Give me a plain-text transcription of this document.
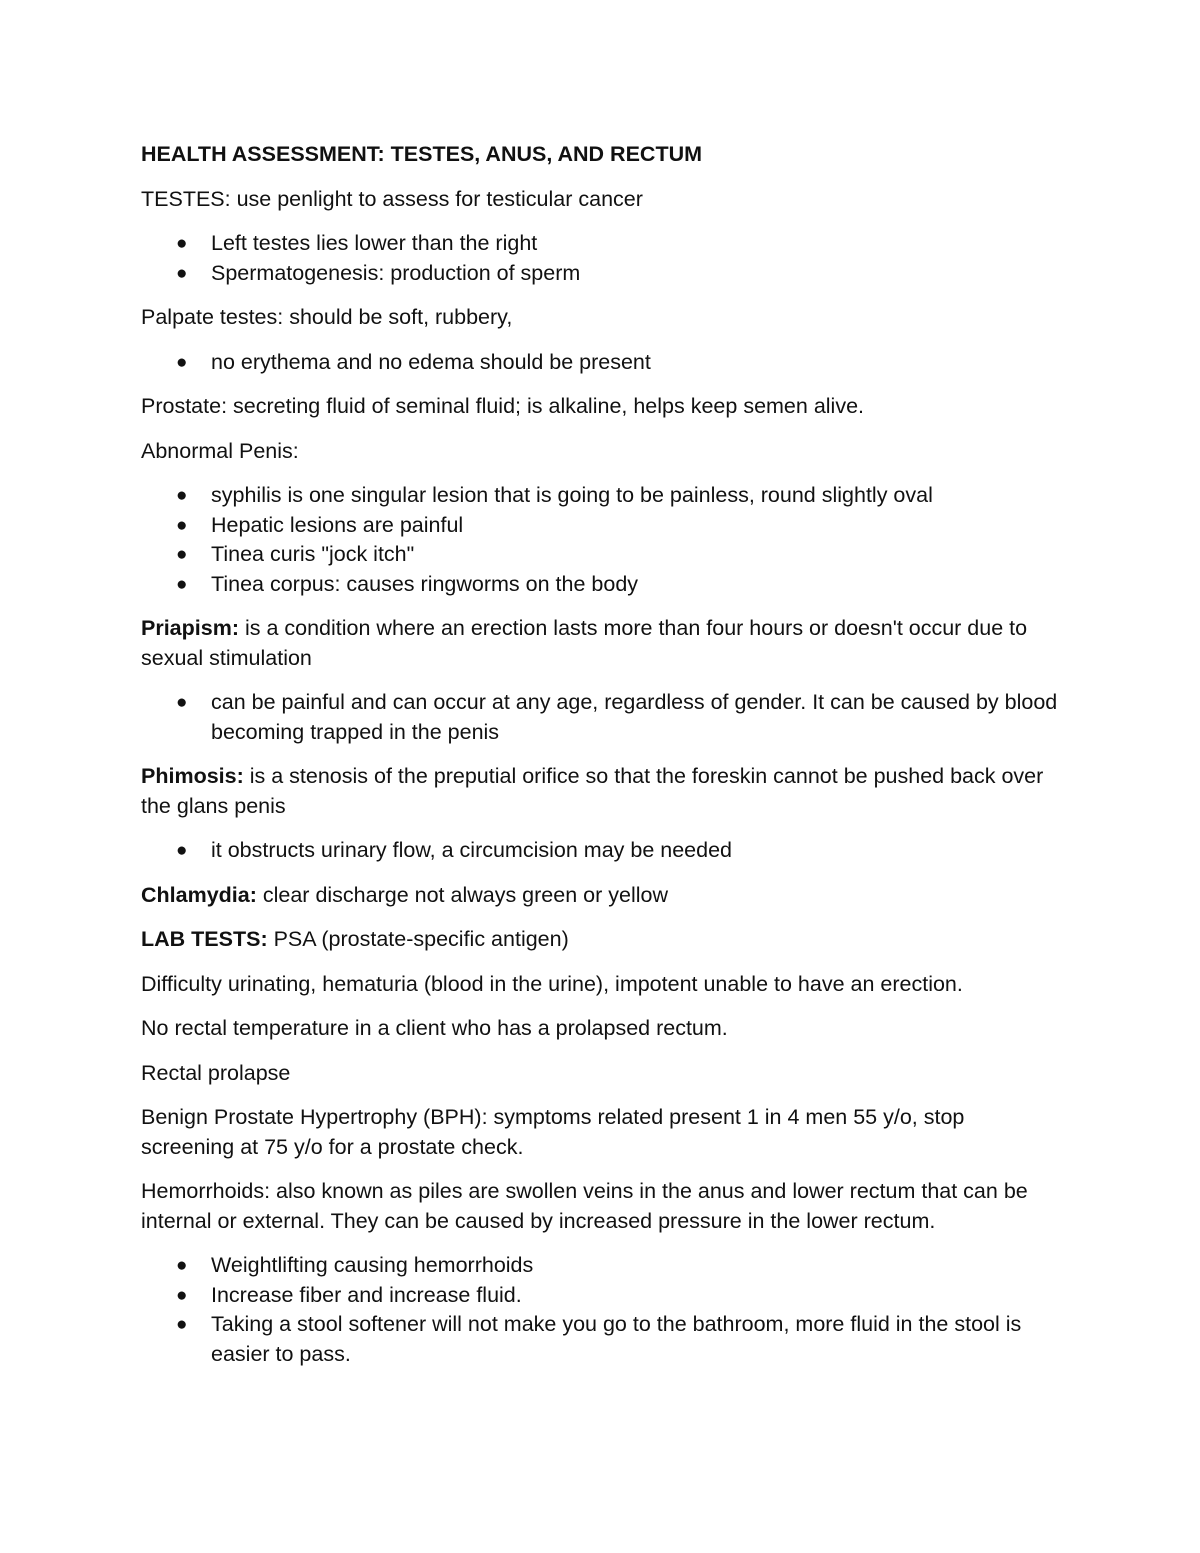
HEALTH ASSESSMENT: TESTES, ANUS, AND RECTUM

TESTES: use penlight to assess for testicular cancer

● Left testes lies lower than the right
● Spermatogenesis: production of sperm

Palpate testes: should be soft, rubbery,

● no erythema and no edema should be present

Prostate: secreting fluid of seminal fluid; is alkaline, helps keep semen alive.

Abnormal Penis:

● syphilis is one singular lesion that is going to be painless, round slightly oval
● Hepatic lesions are painful
● Tinea curis "jock itch"
● Tinea corpus: causes ringworms on the body

Priapism: is a condition where an erection lasts more than four hours or doesn't occur due to sexual stimulation

● can be painful and can occur at any age, regardless of gender. It can be caused by blood becoming trapped in the penis

Phimosis: is a stenosis of the preputial orifice so that the foreskin cannot be pushed back over the glans penis

● it obstructs urinary flow, a circumcision may be needed

Chlamydia: clear discharge not always green or yellow

LAB TESTS: PSA (prostate-specific antigen)

Difficulty urinating, hematuria (blood in the urine), impotent unable to have an erection.

No rectal temperature in a client who has a prolapsed rectum.

Rectal prolapse

Benign Prostate Hypertrophy (BPH): symptoms related present 1 in 4 men 55 y/o, stop screening at 75 y/o for a prostate check.

Hemorrhoids: also known as piles are swollen veins in the anus and lower rectum that can be internal or external. They can be caused by increased pressure in the lower rectum.

● Weightlifting causing hemorrhoids
● Increase fiber and increase fluid.
● Taking a stool softener will not make you go to the bathroom, more fluid in the stool is easier to pass.
